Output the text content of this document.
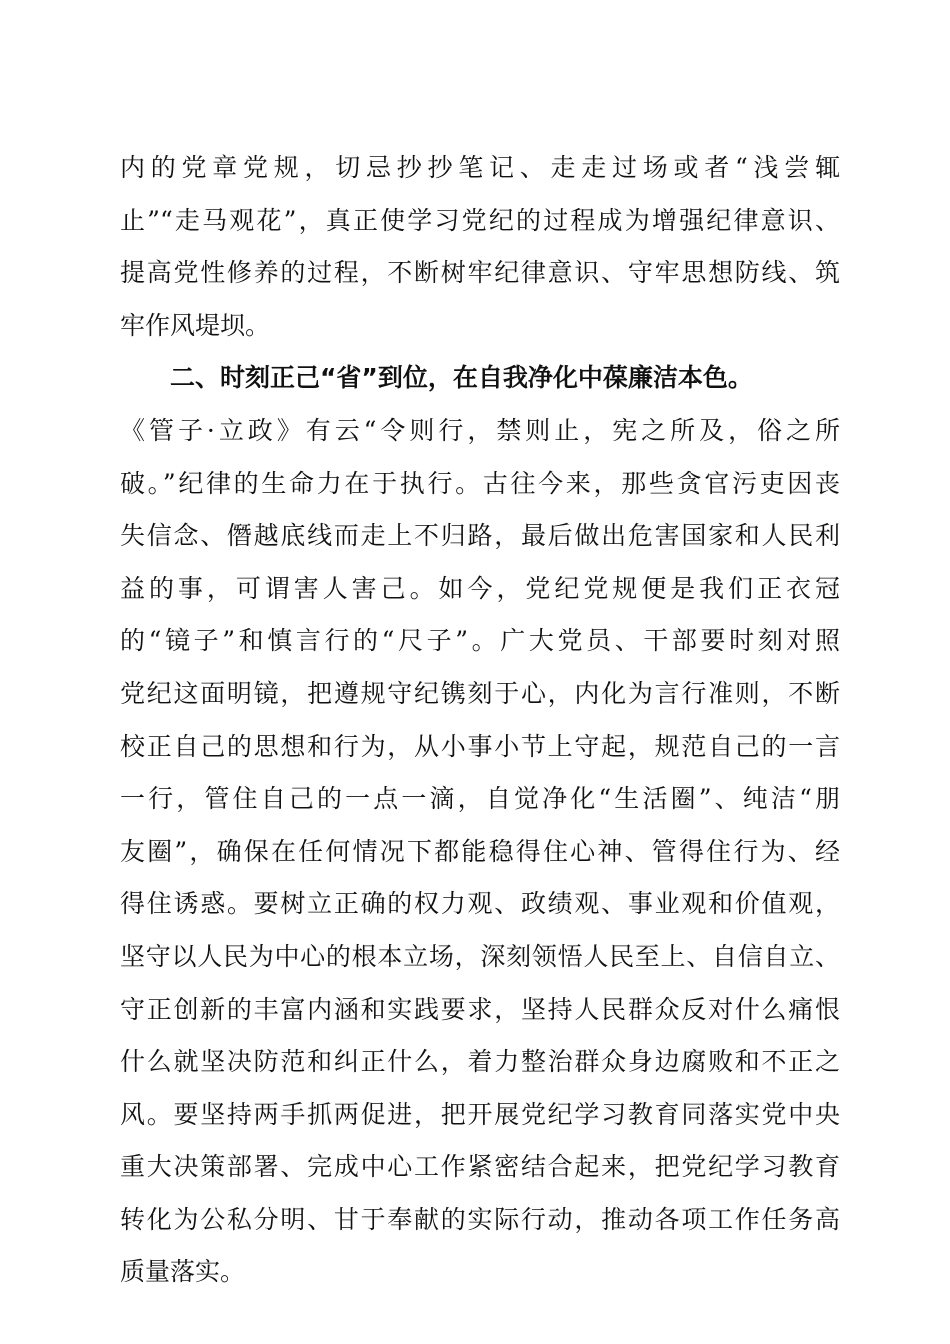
内的党章党规，切忌抄抄笔记、走走过场或者“浅尝辄
止”“走马观花”，真正使学习党纪的过程成为增强纪律意识、
提高党性修养的过程，不断树牢纪律意识、守牢思想防线、筑
牢作风堤坝。
二、时刻正己“省”到位，在自我净化中葆廉洁本色。
《管子·立政》有云“令则行，禁则止，宪之所及，俗之所
破。”纪律的生命力在于执行。古往今来，那些贪官污吏因丧
失信念、僭越底线而走上不归路，最后做出危害国家和人民利
益的事，可谓害人害己。如今，党纪党规便是我们正衣冠
的“镜子”和慎言行的“尺子”。广大党员、干部要时刻对照
党纪这面明镜，把遵规守纪镌刻于心，内化为言行准则，不断
校正自己的思想和行为，从小事小节上守起，规范自己的一言
一行，管住自己的一点一滴，自觉净化“生活圈”、纯洁“朋
友圈”，确保在任何情况下都能稳得住心神、管得住行为、经
得住诱惑。要树立正确的权力观、政绩观、事业观和价值观，
坚守以人民为中心的根本立场，深刻领悟人民至上、自信自立、
守正创新的丰富内涵和实践要求，坚持人民群众反对什么痛恨
什么就坚决防范和纠正什么，着力整治群众身边腐败和不正之
风。要坚持两手抓两促进，把开展党纪学习教育同落实党中央
重大决策部署、完成中心工作紧密结合起来，把党纪学习教育
转化为公私分明、甘于奉献的实际行动，推动各项工作任务高
质量落实。
